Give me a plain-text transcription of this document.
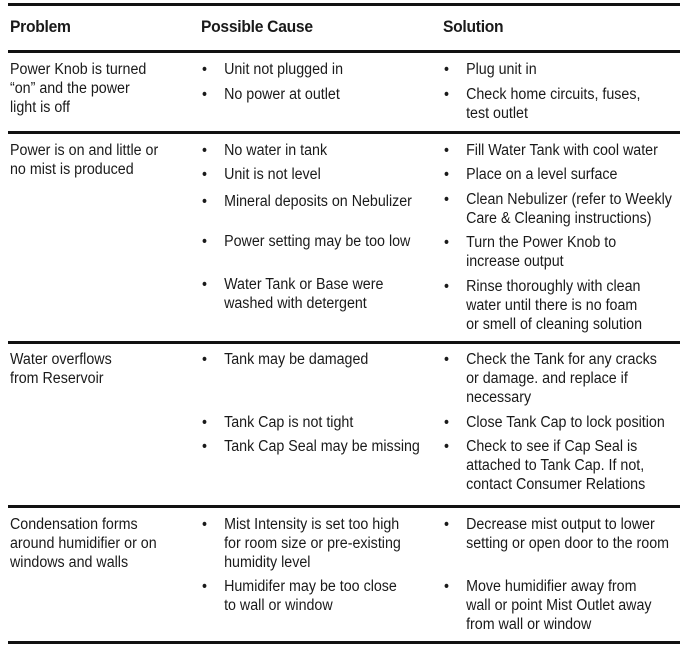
Problem	Possible Cause	Solution
Power Knob is turned
“on” and the power
light is off
• Unit not plugged in
• No power at outlet
• Plug unit in
• Check home circuits, fuses,
test outlet
Power is on and little or
no mist is produced
• No water in tank
• Unit is not level
• Mineral deposits on Nebulizer
• Power setting may be too low
• Water Tank or Base were
washed with detergent
• Fill Water Tank with cool water
• Place on a level surface
• Clean Nebulizer (refer to Weekly
Care & Cleaning instructions)
• Turn the Power Knob to
increase output
• Rinse thoroughly with clean
water until there is no foam
or smell of cleaning solution
Water overflows
from Reservoir
• Tank may be damaged
• Tank Cap is not tight
• Tank Cap Seal may be missing
• Check the Tank for any cracks
or damage. and replace if
necessary
• Close Tank Cap to lock position
• Check to see if Cap Seal is
attached to Tank Cap. If not,
contact Consumer Relations
Condensation forms
around humidifier or on
windows and walls
• Mist Intensity is set too high
for room size or pre-existing
humidity level
• Humidifer may be too close
to wall or window
• Decrease mist output to lower
setting or open door to the room
• Move humidifier away from
wall or point Mist Outlet away
from wall or window
